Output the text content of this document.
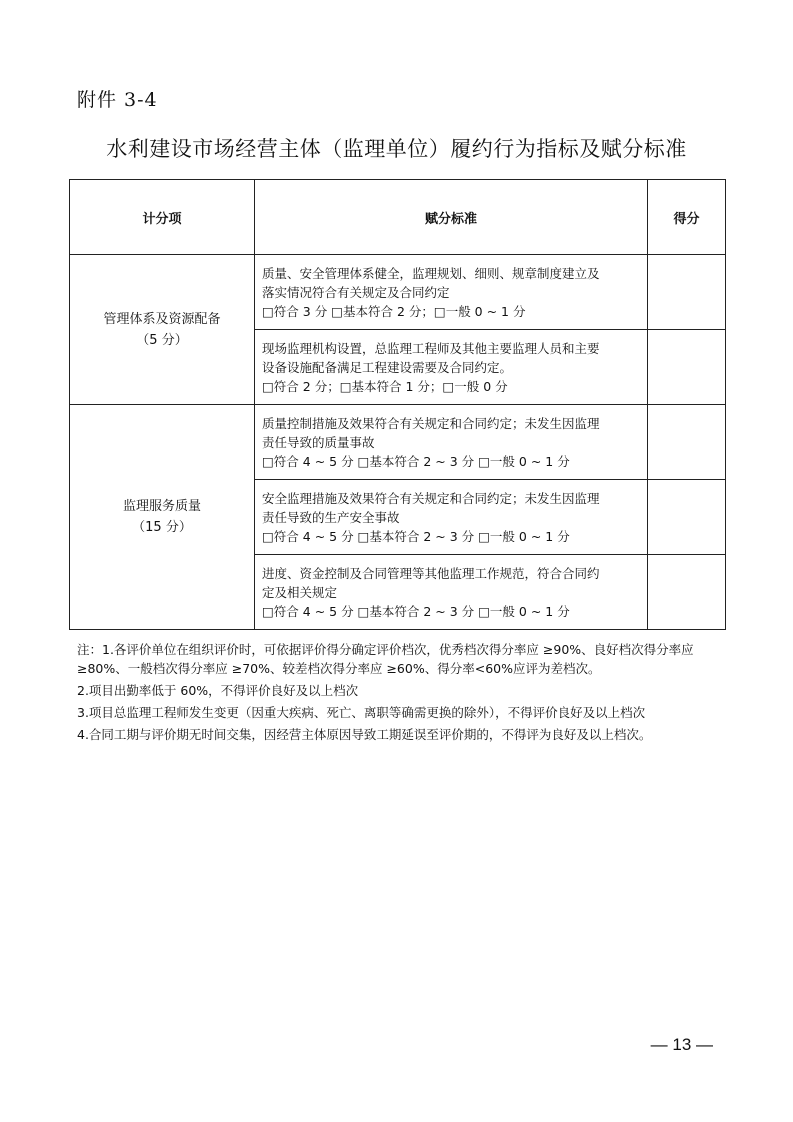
附件 3-4
水利建设市场经营主体（监理单位）履约行为指标及赋分标准
计分项	赋分标准	得分

管理体系及资源配备
（5 分）	质量、安全管理体系健全，监理规划、细则、规章制度建立及
落实情况符合有关规定及合同约定
□符合 3 分 □基本符合 2 分；□一般 0 ~ 1 分	

	现场监理机构设置，总监理工程师及其他主要监理人员和主要
设备设施配备满足工程建设需要及合同约定。
□符合 2 分；□基本符合 1 分；□一般 0 分	

监理服务质量
（15 分）	质量控制措施及效果符合有关规定和合同约定；未发生因监理
责任导致的质量事故
□符合 4 ~ 5 分 □基本符合 2 ~ 3 分 □一般 0 ~ 1 分	

	安全监理措施及效果符合有关规定和合同约定；未发生因监理
责任导致的生产安全事故
□符合 4 ~ 5 分 □基本符合 2 ~ 3 分 □一般 0 ~ 1 分	

	进度、资金控制及合同管理等其他监理工作规范，符合合同约
定及相关规定
□符合 4 ~ 5 分 □基本符合 2 ~ 3 分 □一般 0 ~ 1 分	

注：1.各评价单位在组织评价时，可依据评价得分确定评价档次，优秀档次得分率应 ≥90%、良好档次得分率应 ≥80%、一般档次得分率应 ≥70%、较差档次得分率应 ≥60%、得分率<60%应评为差档次。
2.项目出勤率低于 60%，不得评价良好及以上档次
3.项目总监理工程师发生变更（因重大疾病、死亡、离职等确需更换的除外），不得评价良好及以上档次
4.合同工期与评价期无时间交集，因经营主体原因导致工期延误至评价期的，不得评为良好及以上档次。
— 13 —
